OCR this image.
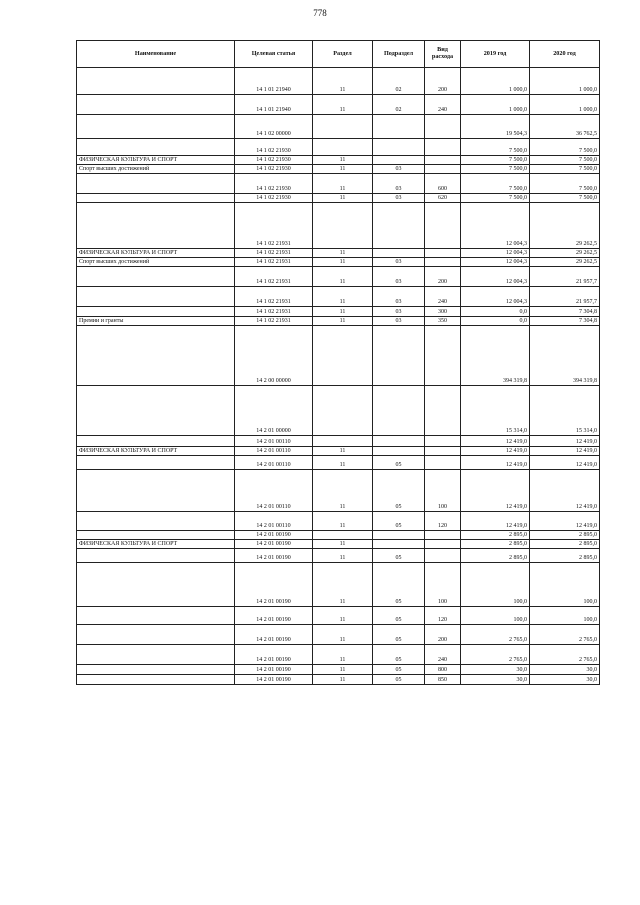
778
Наименование	Целевая статья	Раздел	Подраздел	Вид расхода	2019 год	2020 год
	14 1 01 21940	11	02	200	1 000,0	1 000,0
	14 1 01 21940	11	02	240	1 000,0	1 000,0
	14 1 02 00000				19 504,3	36 762,5
	14 1 02 21930				7 500,0	7 500,0
ФИЗИЧЕСКАЯ КУЛЬТУРА И СПОРТ	14 1 02 21930	11			7 500,0	7 500,0
Спорт высших достижений	14 1 02 21930	11	03		7 500,0	7 500,0
	14 1 02 21930	11	03	600	7 500,0	7 500,0
	14 1 02 21930	11	03	620	7 500,0	7 500,0
	14 1 02 21931				12 004,3	29 262,5
ФИЗИЧЕСКАЯ КУЛЬТУРА И СПОРТ	14 1 02 21931	11			12 004,3	29 262,5
Спорт высших достижений	14 1 02 21931	11	03		12 004,3	29 262,5
	14 1 02 21931	11	03	200	12 004,3	21 957,7
	14 1 02 21931	11	03	240	12 004,3	21 957,7
	14 1 02 21931	11	03	300	0,0	7 304,8
Премии и гранты	14 1 02 21931	11	03	350	0,0	7 304,8
	14 2 00 00000				394 319,8	394 319,8
	14 2 01 00000				15 314,0	15 314,0
	14 2 01 00110				12 419,0	12 419,0
ФИЗИЧЕСКАЯ КУЛЬТУРА И СПОРТ	14 2 01 00110	11			12 419,0	12 419,0
	14 2 01 00110	11	05		12 419,0	12 419,0
	14 2 01 00110	11	05	100	12 419,0	12 419,0
	14 2 01 00110	11	05	120	12 419,0	12 419,0
	14 2 01 00190				2 895,0	2 895,0
ФИЗИЧЕСКАЯ КУЛЬТУРА И СПОРТ	14 2 01 00190	11			2 895,0	2 895,0
	14 2 01 00190	11	05		2 895,0	2 895,0
	14 2 01 00190	11	05	100	100,0	100,0
	14 2 01 00190	11	05	120	100,0	100,0
	14 2 01 00190	11	05	200	2 765,0	2 765,0
	14 2 01 00190	11	05	240	2 765,0	2 765,0
	14 2 01 00190	11	05	800	30,0	30,0
	14 2 01 00190	11	05	850	30,0	30,0
